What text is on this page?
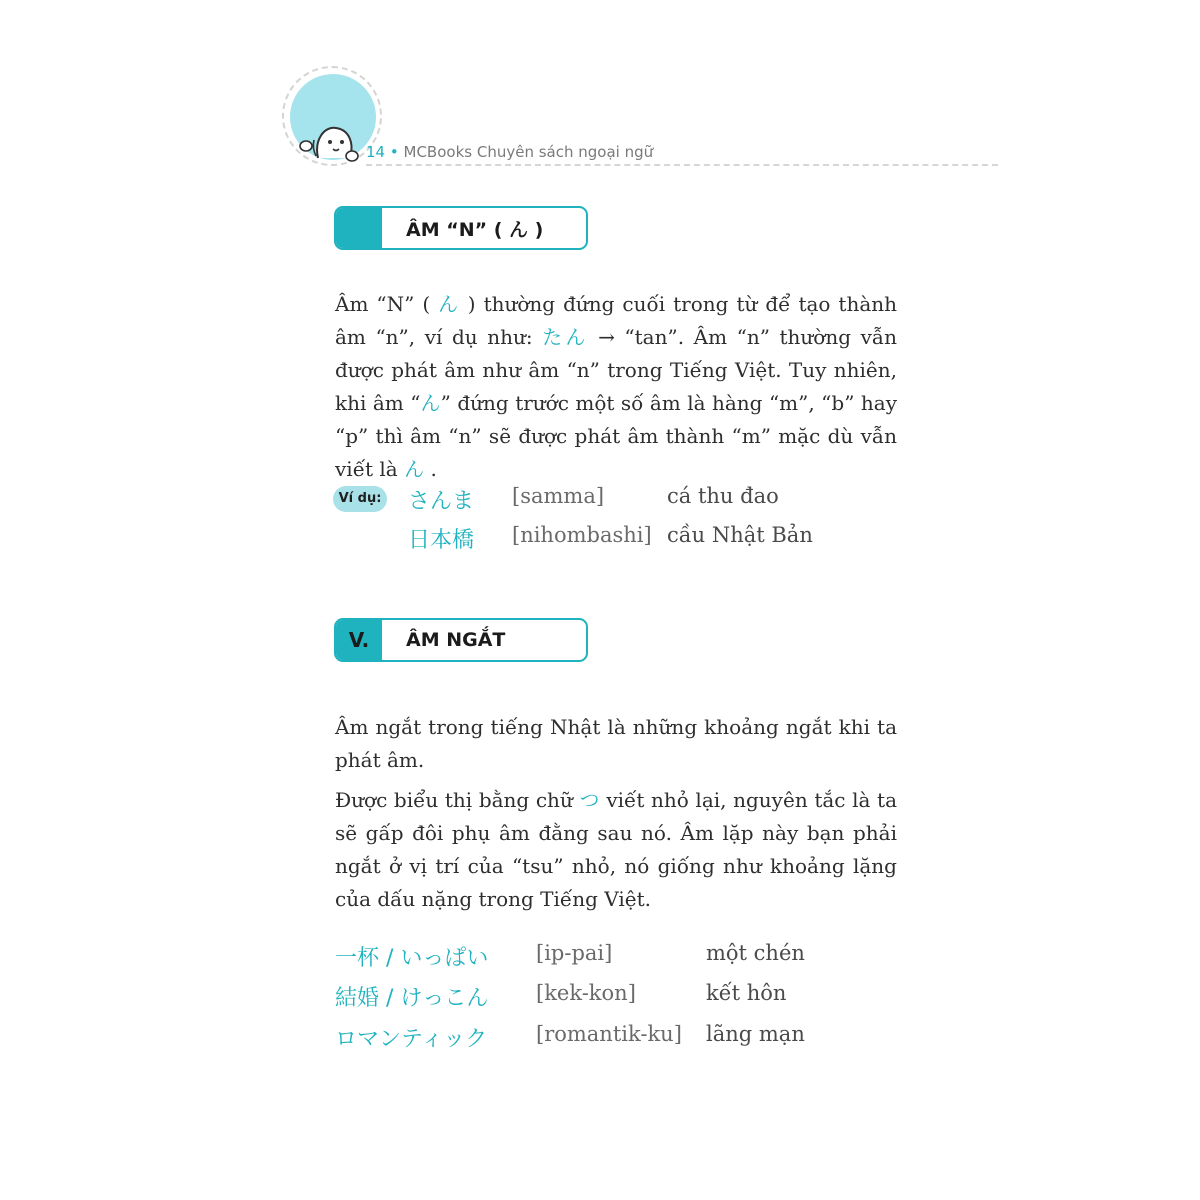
14 • MCBooks Chuyên sách ngoại ngữ
ÂM “N” ( ん )
Âm “N” ( ん ) thường đứng cuối trong từ để tạo thành âm “n”, ví dụ như: たん → “tan”. Âm “n” thường vẫn được phát âm như âm “n” trong Tiếng Việt. Tuy nhiên, khi âm “ん” đứng trước một số âm là hàng “m”, “b” hay “p” thì âm “n” sẽ được phát âm thành “m” mặc dù vẫn viết là ん .
Ví dụ: さんま [samma]	cá thu đao
日本橋 [nihombashi] cầu Nhật Bản
V.	ÂM NGẮT
Âm ngắt trong tiếng Nhật là những khoảng ngắt khi ta phát âm.
Được biểu thị bằng chữ つ viết nhỏ lại, nguyên tắc là ta sẽ gấp đôi phụ âm đằng sau nó. Âm lặp này bạn phải ngắt ở vị trí của “tsu” nhỏ, nó giống như khoảng lặng của dấu nặng trong Tiếng Việt.
一杯 / いっぱい [ip-pai]	một chén
結婚 / けっこん [kek-kon]	kết hôn
ロマンティック [romantik-ku] lãng mạn
